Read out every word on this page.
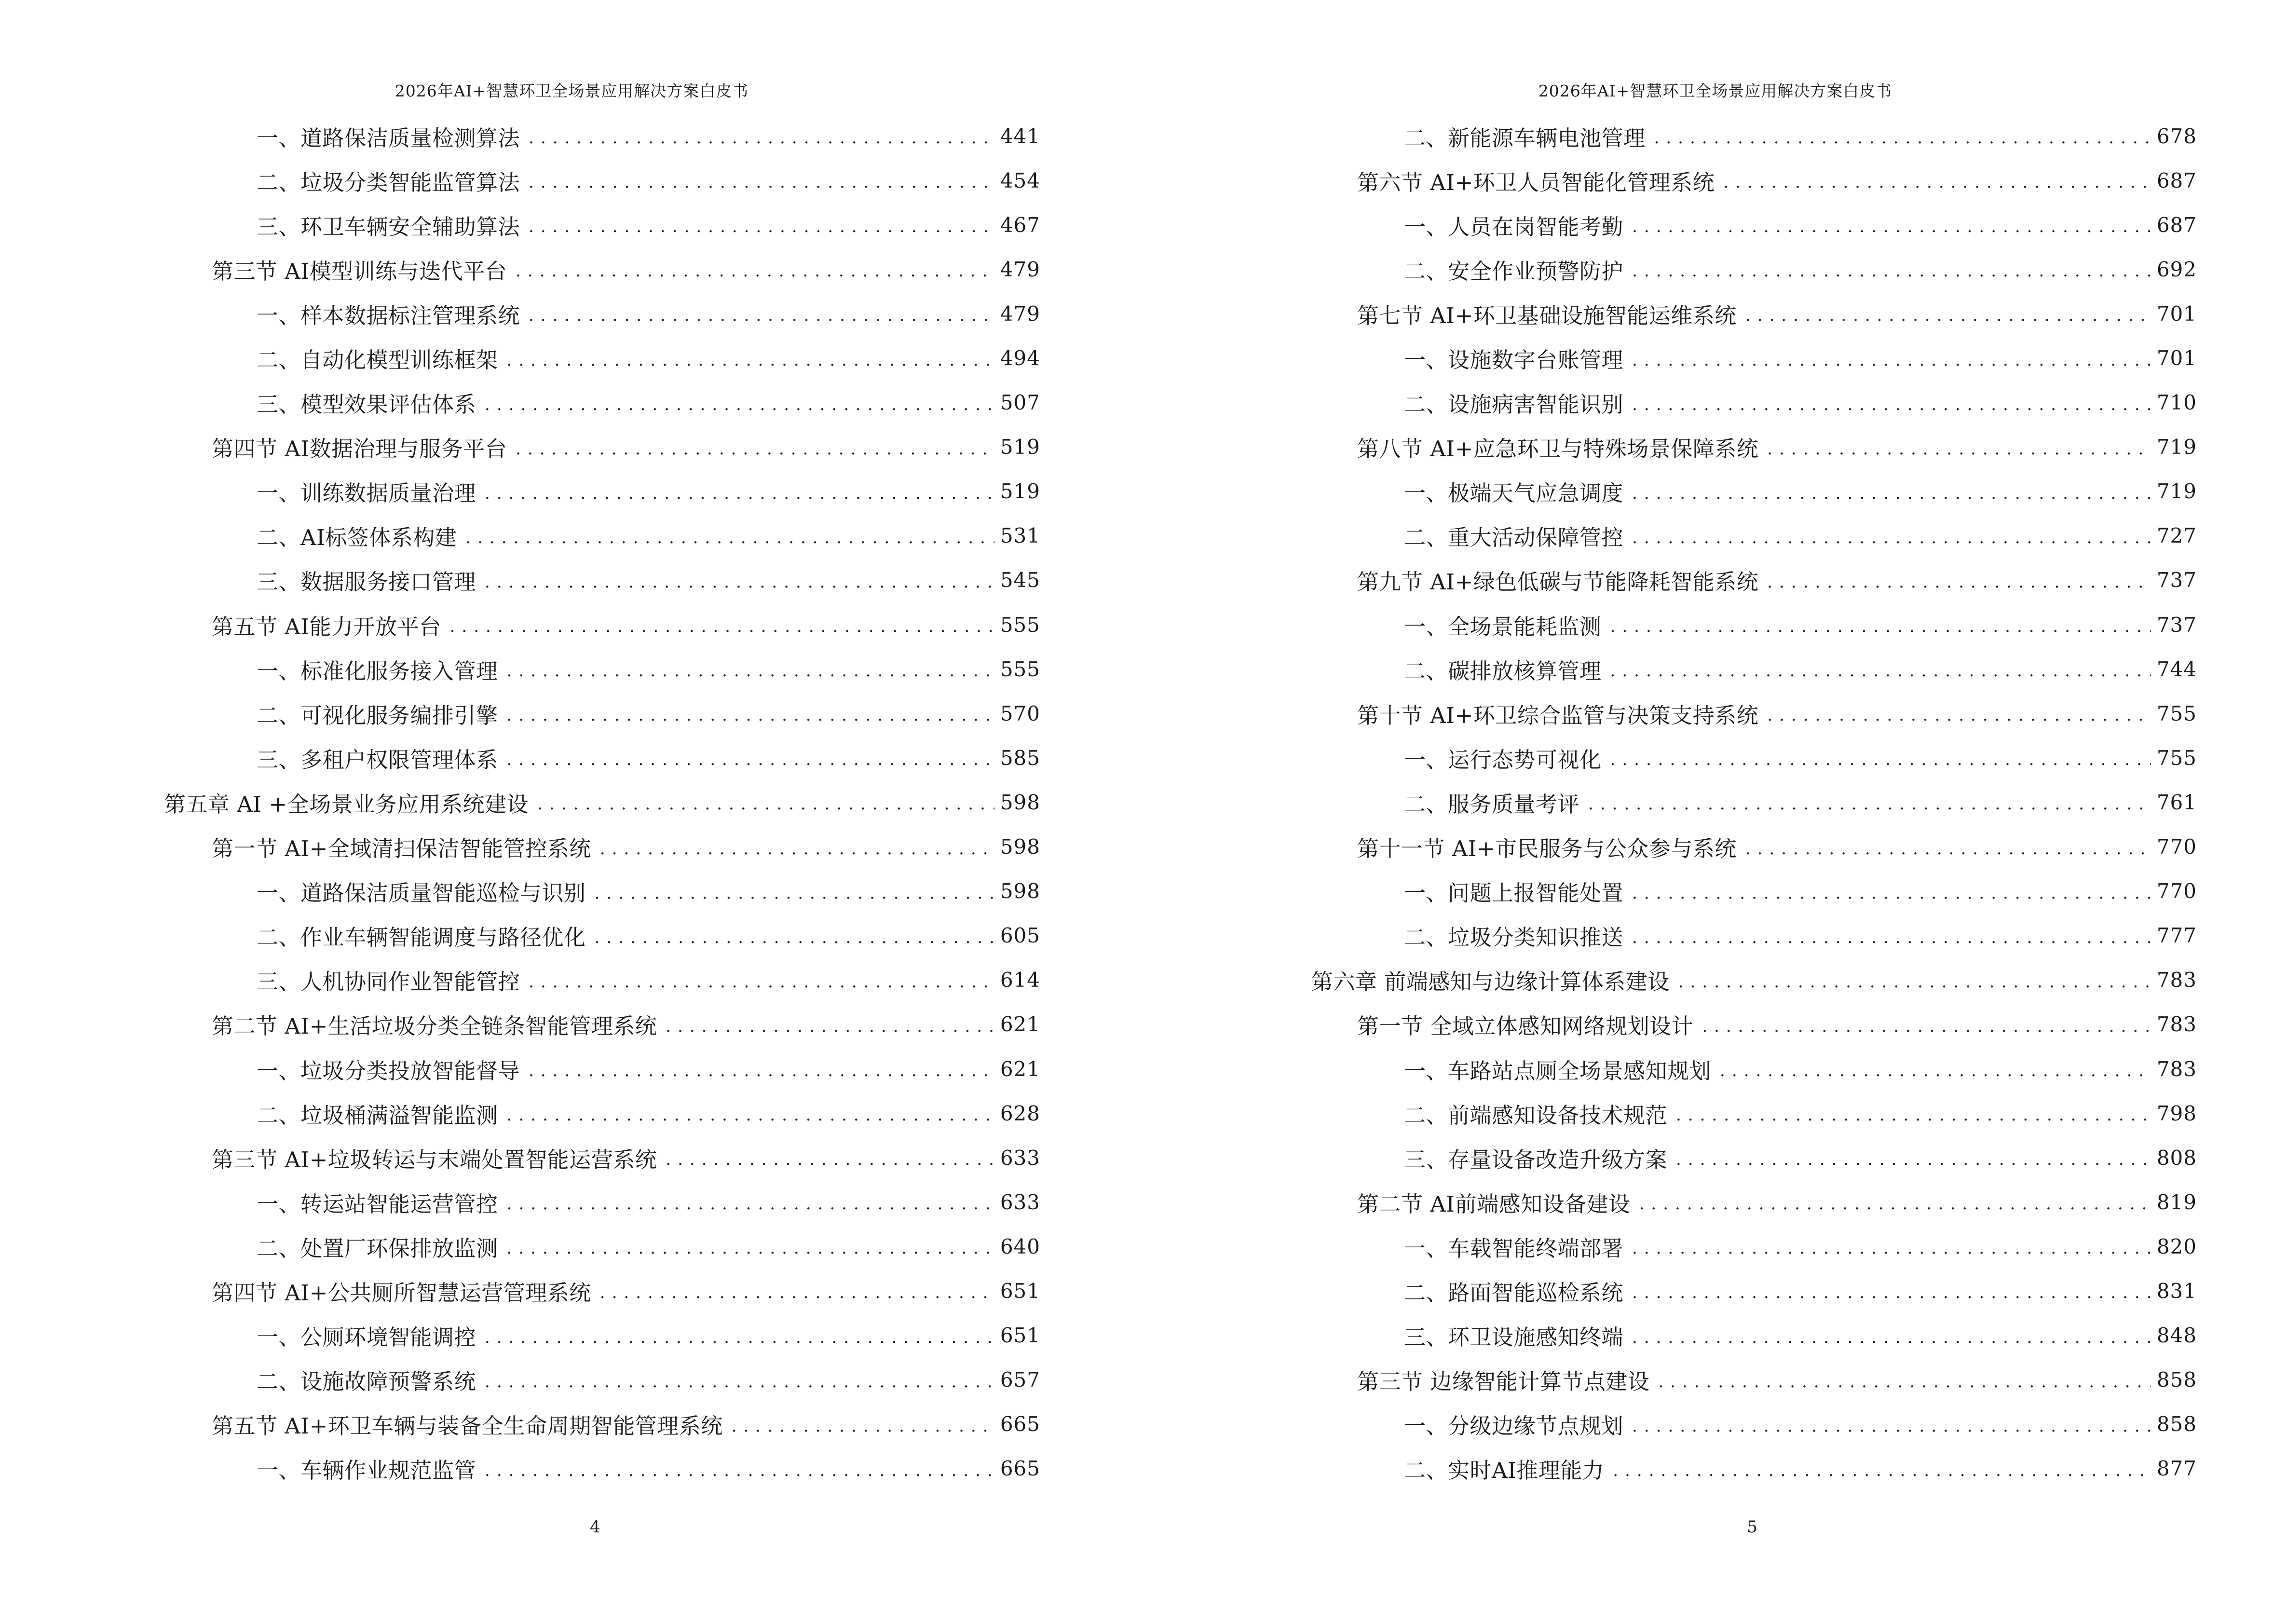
2026年AI+智慧环卫全场景应用解决方案白皮书
一、道路保洁质量检测算法 .....	441
二、垃圾分类智能监管算法 .....	454
三、环卫车辆安全辅助算法 .....	467
第三节 AI模型训练与迭代平台 .....	479
一、样本数据标注管理系统 .....	479
二、自动化模型训练框架 .....	494
三、模型效果评估体系 .....	507
第四节 AI数据治理与服务平台 .....	519
一、训练数据质量治理 .....	519
二、AI标签体系构建 .....	531
三、数据服务接口管理 .....	545
第五节 AI能力开放平台 .....	555
一、标准化服务接入管理 .....	555
二、可视化服务编排引擎 .....	570
三、多租户权限管理体系 .....	585
第五章 AI +全场景业务应用系统建设 .....	598
第一节 AI+全域清扫保洁智能管控系统 .....	598
一、道路保洁质量智能巡检与识别 .....	598
二、作业车辆智能调度与路径优化 .....	605
三、人机协同作业智能管控 .....	614
第二节 AI+生活垃圾分类全链条智能管理系统 .....	621
一、垃圾分类投放智能督导 .....	621
二、垃圾桶满溢智能监测 .....	628
第三节 AI+垃圾转运与末端处置智能运营系统 .....	633
一、转运站智能运营管控 .....	633
二、处置厂环保排放监测 .....	640
第四节 AI+公共厕所智慧运营管理系统 .....	651
一、公厕环境智能调控 .....	651
二、设施故障预警系统 .....	657
第五节 AI+环卫车辆与装备全生命周期智能管理系统 .....	665
一、车辆作业规范监管 .....	665
4
2026年AI+智慧环卫全场景应用解决方案白皮书
二、新能源车辆电池管理 .....	678
第六节 AI+环卫人员智能化管理系统 .....	687
一、人员在岗智能考勤 .....	687
二、安全作业预警防护 .....	692
第七节 AI+环卫基础设施智能运维系统 .....	701
一、设施数字台账管理 .....	701
二、设施病害智能识别 .....	710
第八节 AI+应急环卫与特殊场景保障系统 .....	719
一、极端天气应急调度 .....	719
二、重大活动保障管控 .....	727
第九节 AI+绿色低碳与节能降耗智能系统 .....	737
一、全场景能耗监测 .....	737
二、碳排放核算管理 .....	744
第十节 AI+环卫综合监管与决策支持系统 .....	755
一、运行态势可视化 .....	755
二、服务质量考评 .....	761
第十一节 AI+市民服务与公众参与系统 .....	770
一、问题上报智能处置 .....	770
二、垃圾分类知识推送 .....	777
第六章 前端感知与边缘计算体系建设 .....	783
第一节 全域立体感知网络规划设计 .....	783
一、车路站点厕全场景感知规划 .....	783
二、前端感知设备技术规范 .....	798
三、存量设备改造升级方案 .....	808
第二节 AI前端感知设备建设 .....	819
一、车载智能终端部署 .....	820
二、路面智能巡检系统 .....	831
三、环卫设施感知终端 .....	848
第三节 边缘智能计算节点建设 .....	858
一、分级边缘节点规划 .....	858
二、实时AI推理能力 .....	877
5
